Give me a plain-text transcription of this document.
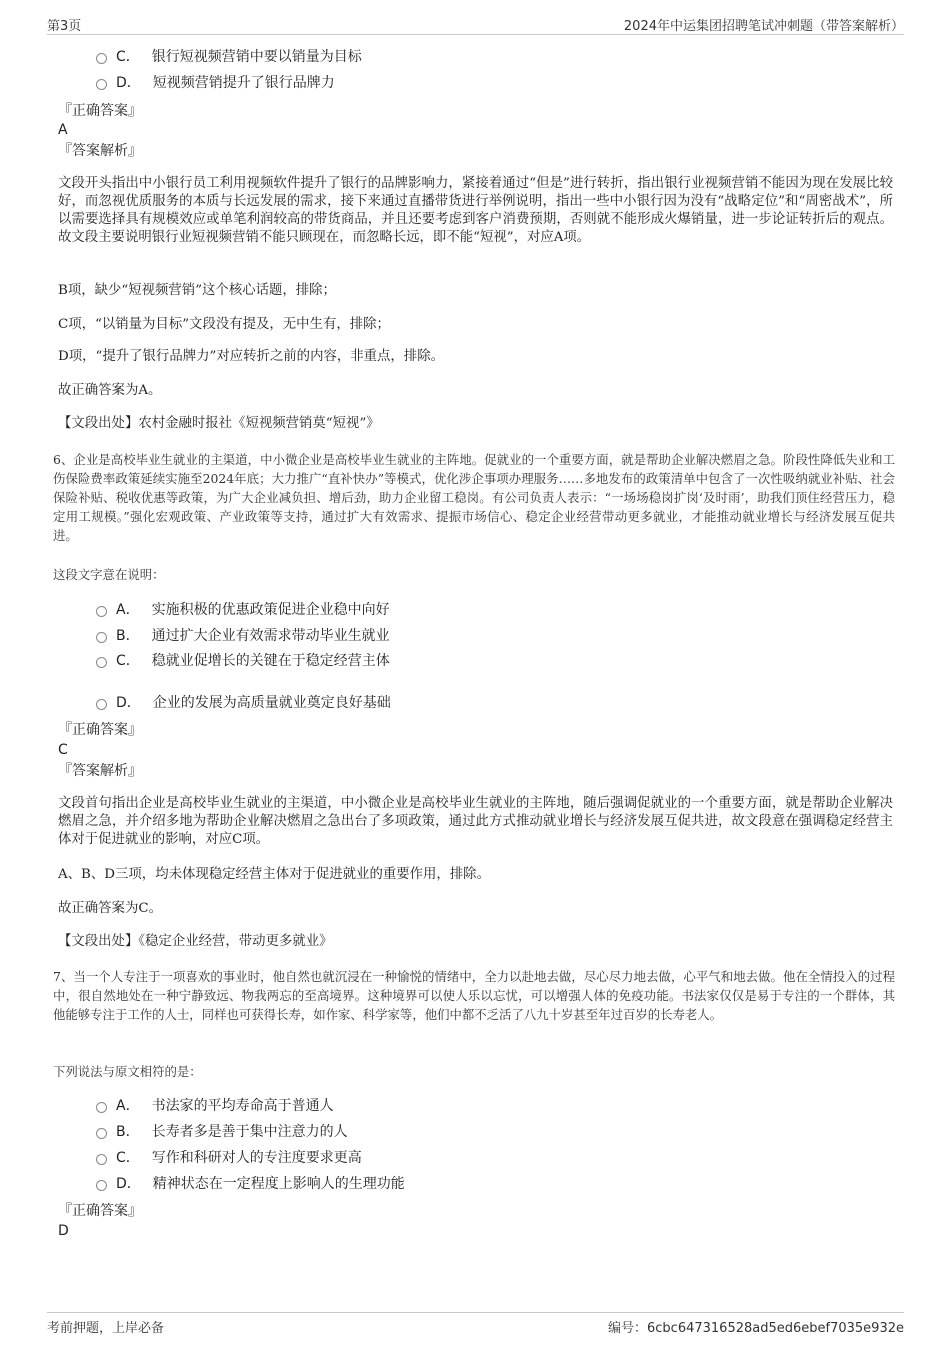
第3页	2024年中运集团招聘笔试冲刺题（带答案解析）
C． 银行短视频营销中要以销量为目标
D． 短视频营销提升了银行品牌力
『正确答案』
A
『答案解析』

文段开头指出中小银行员工利用视频软件提升了银行的品牌影响力，紧接着通过“但是”进行转折，指出银行业视频营销不能因为现在发展比较好，而忽视优质服务的本质与长远发展的需求，接下来通过直播带货进行举例说明，指出一些中小银行因为没有“战略定位”和“周密战术”，所以需要选择具有规模效应或单笔利润较高的带货商品，并且还要考虑到客户消费预期，否则就不能形成火爆销量，进一步论证转折后的观点。故文段主要说明银行业短视频营销不能只顾现在，而忽略长远，即不能“短视”，对应A项。

B项，缺少“短视频营销”这个核心话题，排除；

C项，“以销量为目标”文段没有提及，无中生有，排除；

D项，“提升了银行品牌力”对应转折之前的内容，非重点，排除。

故正确答案为A。

【文段出处】农村金融时报社《短视频营销莫“短视”》

6、企业是高校毕业生就业的主渠道，中小微企业是高校毕业生就业的主阵地。促就业的一个重要方面，就是帮助企业解决燃眉之急。阶段性降低失业和工伤保险费率政策延续实施至2024年底；大力推广“直补快办”等模式，优化涉企事项办理服务……多地发布的政策清单中包含了一次性吸纳就业补贴、社会保险补贴、税收优惠等政策，为广大企业减负担、增后劲，助力企业留工稳岗。有公司负责人表示：“一场场稳岗扩岗‘及时雨’，助我们顶住经营压力，稳定用工规模。”强化宏观政策、产业政策等支持，通过扩大有效需求、提振市场信心、稳定企业经营带动更多就业，才能推动就业增长与经济发展互促共进。

这段文字意在说明：

A． 实施积极的优惠政策促进企业稳中向好
B． 通过扩大企业有效需求带动毕业生就业
C． 稳就业促增长的关键在于稳定经营主体
D． 企业的发展为高质量就业奠定良好基础
『正确答案』
C
『答案解析』

文段首句指出企业是高校毕业生就业的主渠道，中小微企业是高校毕业生就业的主阵地，随后强调促就业的一个重要方面，就是帮助企业解决燃眉之急，并介绍多地为帮助企业解决燃眉之急出台了多项政策，通过此方式推动就业增长与经济发展互促共进，故文段意在强调稳定经营主体对于促进就业的影响，对应C项。

A、B、D三项，均未体现稳定经营主体对于促进就业的重要作用，排除。

故正确答案为C。

【文段出处】《稳定企业经营，带动更多就业》

7、当一个人专注于一项喜欢的事业时，他自然也就沉浸在一种愉悦的情绪中，全力以赴地去做，尽心尽力地去做，心平气和地去做。他在全情投入的过程中，很自然地处在一种宁静致远、物我两忘的至高境界。这种境界可以使人乐以忘忧，可以增强人体的免疫功能。书法家仅仅是易于专注的一个群体，其他能够专注于工作的人士，同样也可获得长寿，如作家、科学家等，他们中都不乏活了八九十岁甚至年过百岁的长寿老人。

下列说法与原文相符的是：

A． 书法家的平均寿命高于普通人
B． 长寿者多是善于集中注意力的人
C． 写作和科研对人的专注度要求更高
D． 精神状态在一定程度上影响人的生理功能
『正确答案』
D
考前押题，上岸必备	编号：6cbc647316528ad5ed6ebef7035e932e
